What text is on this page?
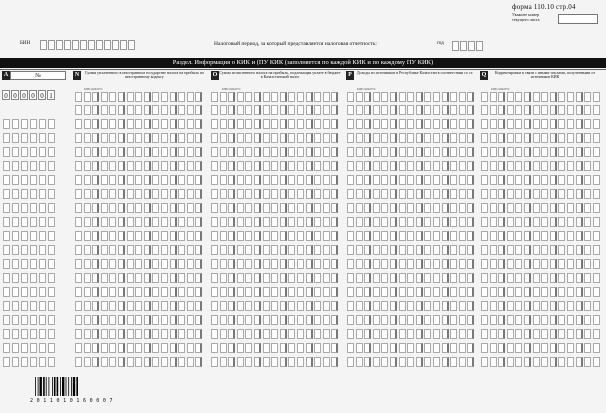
форма 110.10 стр.04
Укажите номер текущего листа
БИН	Налоговый период, за который представляется налоговая отчетность:	год
Раздел. Информация о КИК и (ПУ КИК (заполняется по каждой КИК и по каждому ПУ КИК)
A	№	N	Сумма уплаченного в иностранном государстве налога на прибыль по иностранному кодексу
КПРС КОК ПУС
O Сумма исчисленного налога на прибыль, подлежащая уплате в бюджет в Казахстанский налог
КПРС КОК ПУС
P	Доходы из источников в Республике Казахстан в соответствии со ст.
КПРС КОК ПУС
Q	Корректировки в связи с иными числами, полученными от источников КИК
КПРС КОК ПУС
0 0 0 0 0 1
2 0 1 1 0 1 0 1 6 0 0 0 7
